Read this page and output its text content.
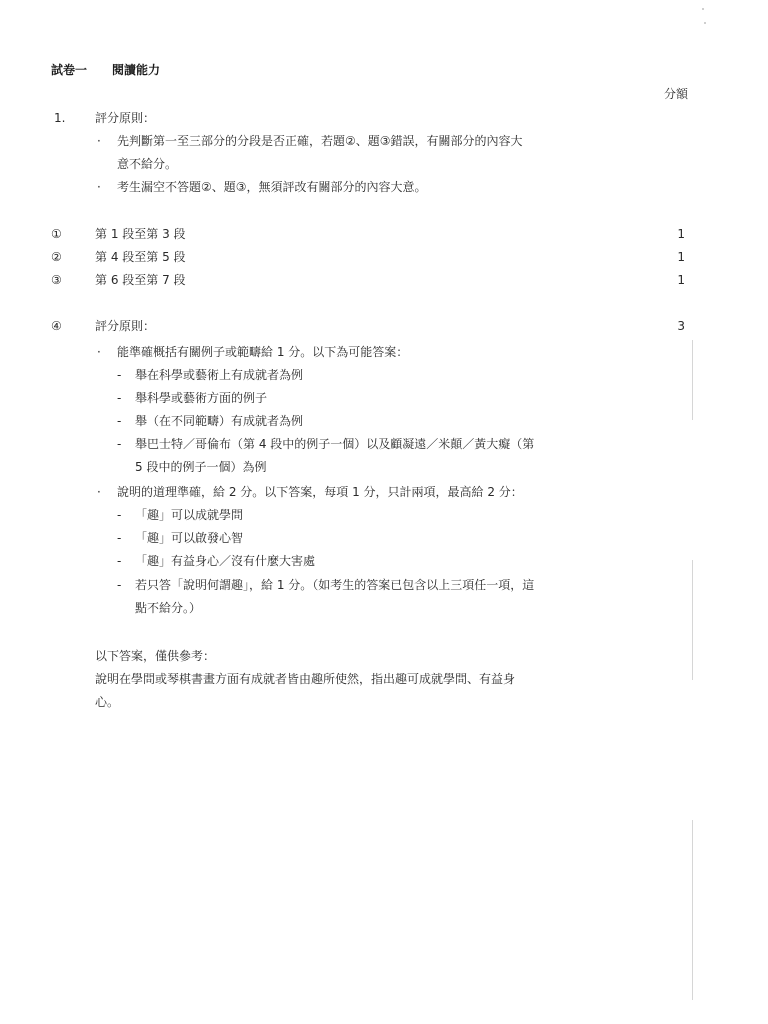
試卷一 閱讀能力
分額
1. 評分原則：
· 先判斷第一至三部分的分段是否正確，若題②、題③錯誤，有關部分的內容大
意不給分。
· 考生漏空不答題②、題③，無須評改有關部分的內容大意。
①	第 1 段至第 3 段	1
②	第 4 段至第 5 段	1
③	第 6 段至第 7 段	1
④	評分原則：	3
· 能準確概括有關例子或範疇給 1 分。以下為可能答案：
- 舉在科學或藝術上有成就者為例
- 舉科學或藝術方面的例子
- 舉（在不同範疇）有成就者為例
- 舉巴士特／哥倫布（第 4 段中的例子一個）以及顧凝遠／米顛／黃大癡（第
5 段中的例子一個）為例
· 說明的道理準確，給 2 分。以下答案，每項 1 分，只計兩項，最高給 2 分：
- 「趣」可以成就學問
- 「趣」可以啟發心智
- 「趣」有益身心／沒有什麼大害處
- 若只答「說明何謂趣」，給 1 分。（如考生的答案已包含以上三項任一項，這
點不給分。）
以下答案，僅供參考：
說明在學問或琴棋書畫方面有成就者皆由趣所使然，指出趣可成就學問、有益身
心。
